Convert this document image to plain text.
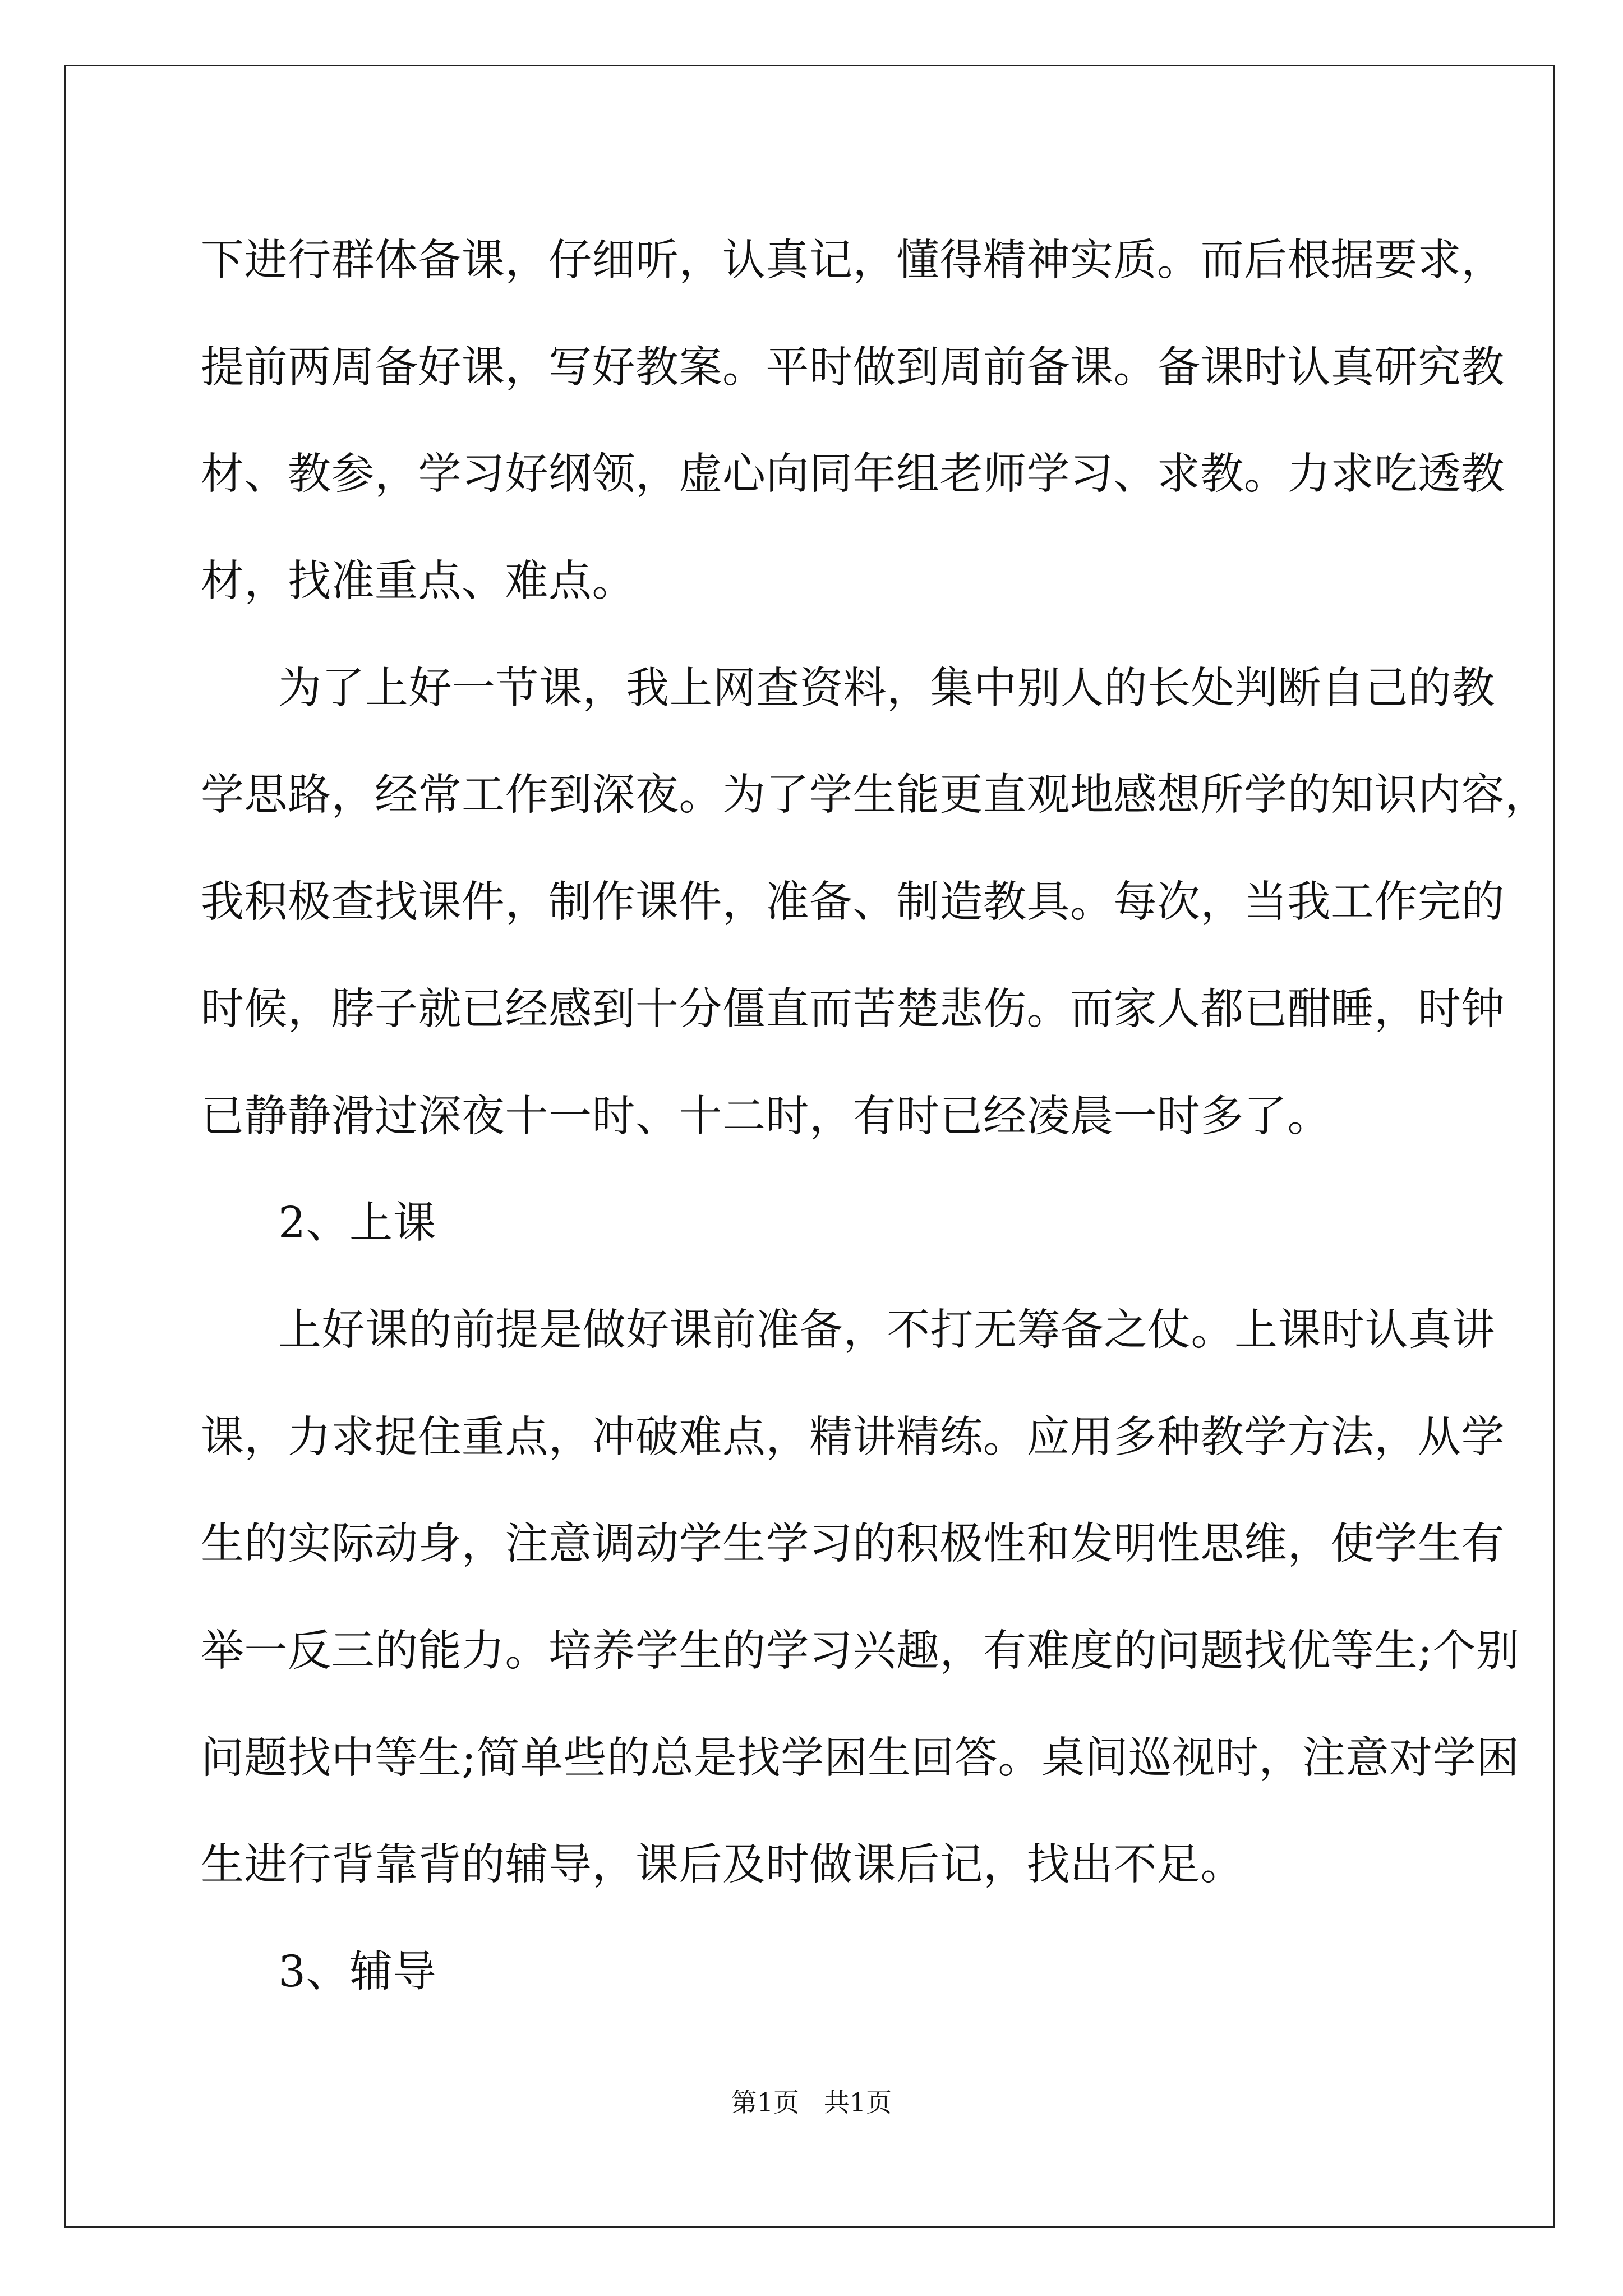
下进行群体备课，仔细听，认真记，懂得精神实质。而后根据要求，
提前两周备好课，写好教案。平时做到周前备课。备课时认真研究教
材、教参，学习好纲领，虚心向同年组老师学习、求教。力求吃透教
材，找准重点、难点。
为了上好一节课，我上网查资料，集中别人的长处判断自己的教
学思路，经常工作到深夜。为了学生能更直观地感想所学的知识内容，
我积极查找课件，制作课件，准备、制造教具。每次，当我工作完的
时候，脖子就已经感到十分僵直而苦楚悲伤。而家人都已酣睡，时钟
已静静滑过深夜十一时、十二时，有时已经凌晨一时多了。
2、上课
上好课的前提是做好课前准备，不打无筹备之仗。上课时认真讲
课，力求捉住重点，冲破难点，精讲精练。应用多种教学方法，从学
生的实际动身，注意调动学生学习的积极性和发明性思维，使学生有
举一反三的能力。培养学生的学习兴趣，有难度的问题找优等生;个别
问题找中等生;简单些的总是找学困生回答。桌间巡视时，注意对学困
生进行背靠背的辅导，课后及时做课后记，找出不足。
3、辅导
第1页   共1页
